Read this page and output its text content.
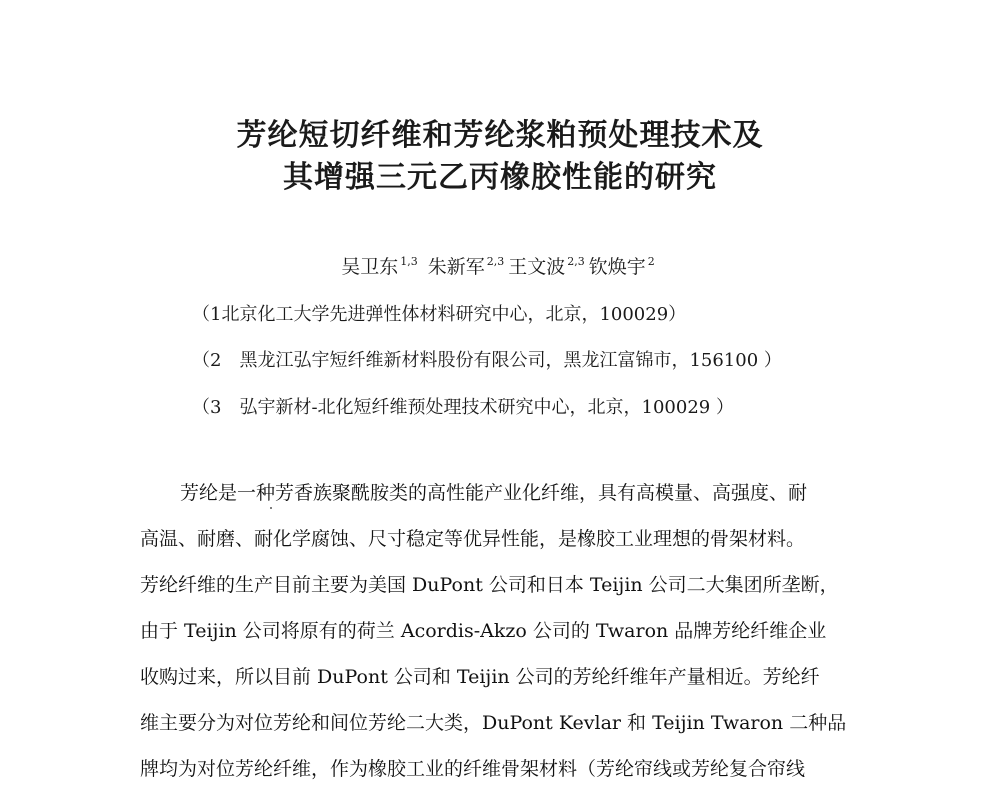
芳纶短切纤维和芳纶浆粕预处理技术及
其增强三元乙丙橡胶性能的研究
吴卫东 $^{1,3}$ 朱新军 $^{2,3}$ 王文波 $^{2,3}$ 钦焕宇 $^2$
（1北京化工大学先进弹性体材料研究中心，北京，100029）
（2　黑龙江弘宇短纤维新材料股份有限公司，黑龙江富锦市，156100 ）
（3　弘宇新材-北化短纤维预处理技术研究中心，北京，100029 ）
芳纶是一种芳香族聚酰胺类的高性能产业化纤维，具有高模量、高强度、耐
高温、耐磨、耐化学腐蚀、尺寸稳定等优异性能，是橡胶工业理想的骨架材料。
芳纶纤维的生产目前主要为美国 DuPont 公司和日本 Teijin 公司二大集团所垄断，
由于 Teijin 公司将原有的荷兰 Acordis-Akzo 公司的 Twaron 品牌芳纶纤维企业
收购过来，所以目前 DuPont 公司和 Teijin 公司的芳纶纤维年产量相近。芳纶纤
维主要分为对位芳纶和间位芳纶二大类，DuPont Kevlar 和 Teijin Twaron 二种品
牌均为对位芳纶纤维，作为橡胶工业的纤维骨架材料（芳纶帘线或芳纶复合帘线
